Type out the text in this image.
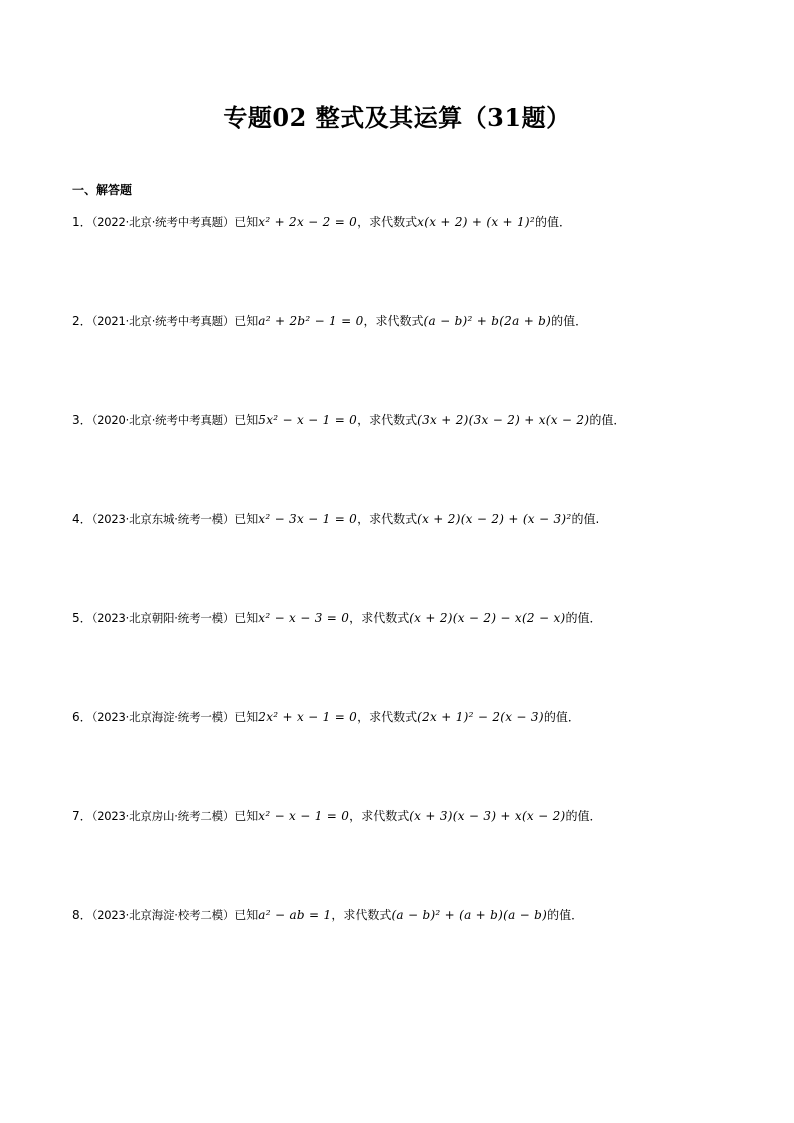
专题02 整式及其运算（31题）
一、解答题
1．（2022·北京·统考中考真题）已知x² + 2x − 2 = 0，求代数式x(x + 2) + (x + 1)²的值．
2．（2021·北京·统考中考真题）已知a² + 2b² − 1 = 0，求代数式(a − b)² + b(2a + b)的值．
3．（2020·北京·统考中考真题）已知5x² − x − 1 = 0，求代数式(3x + 2)(3x − 2) + x(x − 2)的值．
4．（2023·北京东城·统考一模）已知x² − 3x − 1 = 0，求代数式(x + 2)(x − 2) + (x − 3)²的值.
5．（2023·北京朝阳·统考一模）已知x² − x − 3 = 0，求代数式(x + 2)(x − 2) − x(2 − x)的值．
6．（2023·北京海淀·统考一模）已知2x² + x − 1 = 0，求代数式(2x + 1)² − 2(x − 3)的值．
7．（2023·北京房山·统考二模）已知x² − x − 1 = 0，求代数式(x + 3)(x − 3) + x(x − 2)的值．
8．（2023·北京海淀·校考二模）已知a² − ab = 1，求代数式(a − b)² + (a + b)(a − b)的值．
